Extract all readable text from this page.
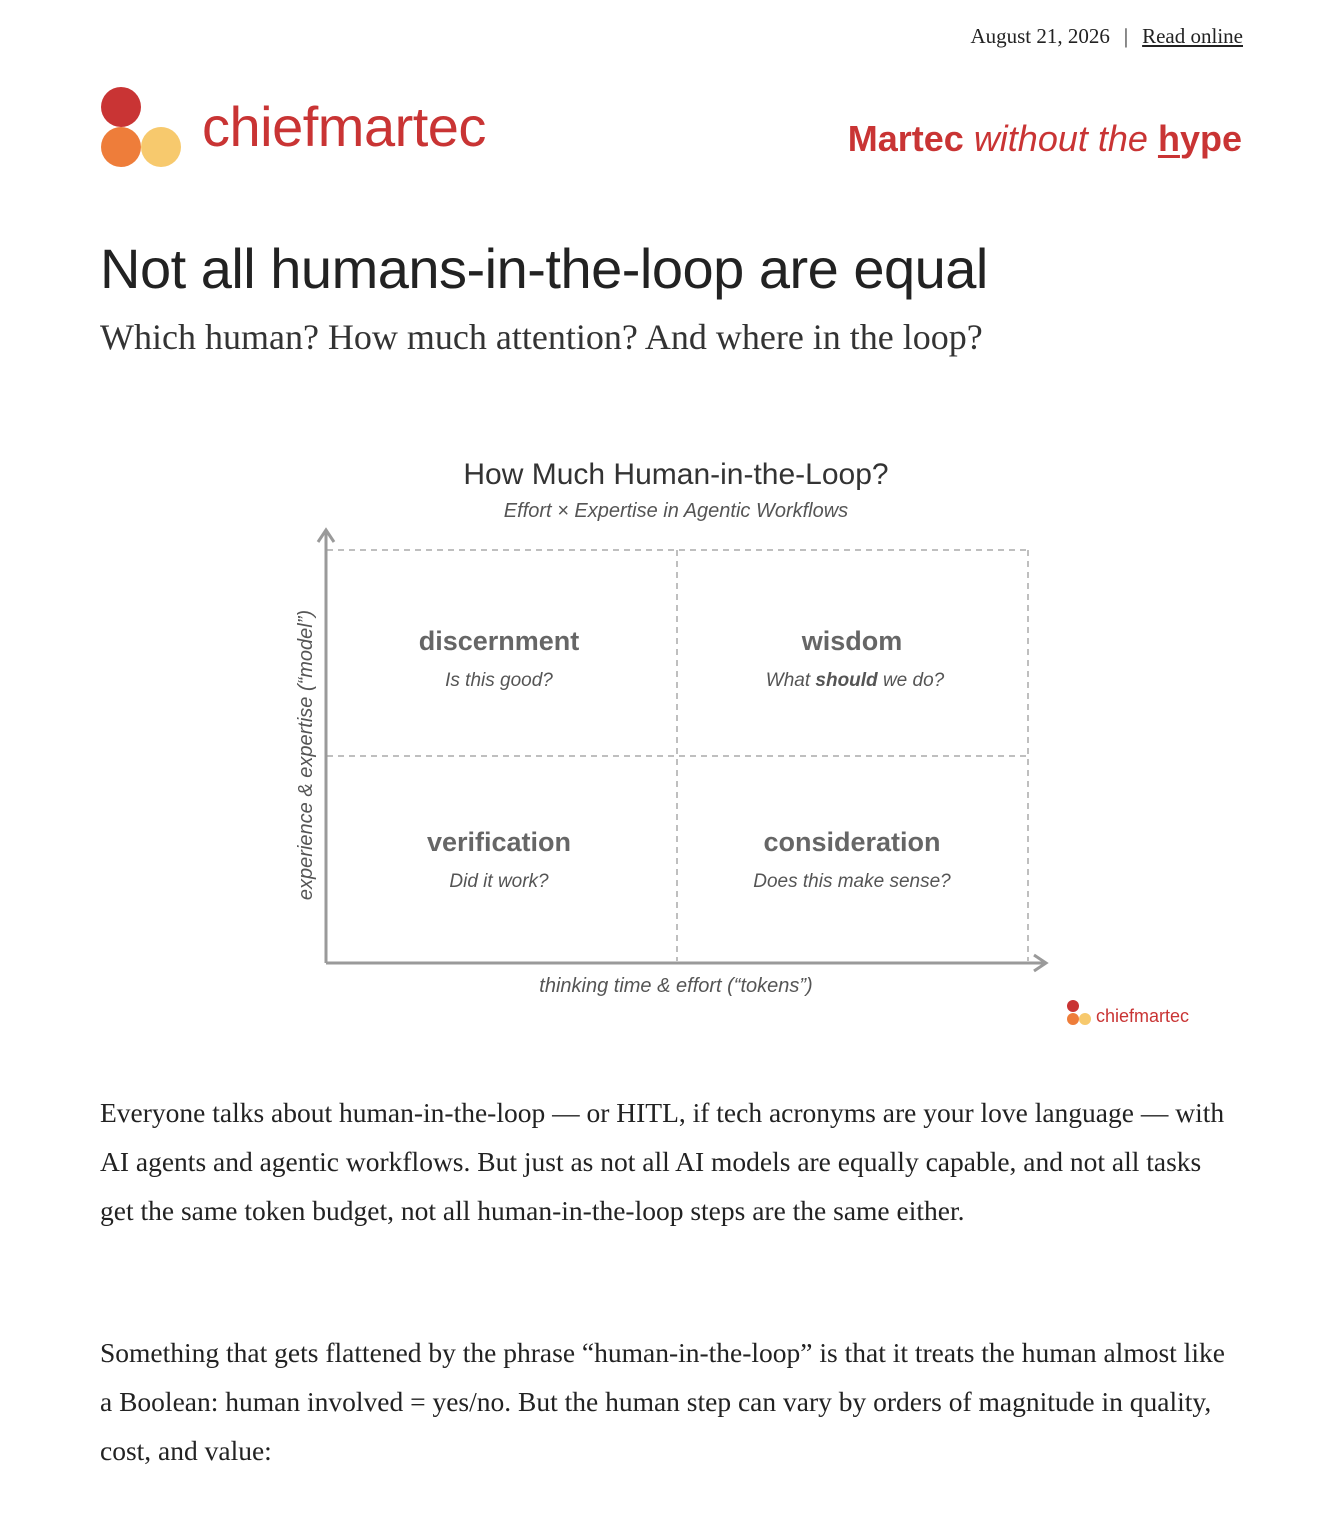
August 21, 2026 | Read online
chiefmartec	Martec without the hype
Not all humans-in-the-loop are equal

Which human? How much attention? And where in the loop?

How Much Human-in-the-Loop?
Effort × Expertise in Agentic Workflows
experience & expertise (“model”)
thinking time & effort (“tokens”)
discernment
Is this good?
wisdom
What should we do?
verification
Did it work?
consideration
Does this make sense?
chiefmartec

Everyone talks about human-in-the-loop — or HITL, if tech acronyms are your love language — with AI agents and agentic workflows. But just as not all AI models are equally capable, and not all tasks get the same token budget, not all human-in-the-loop steps are the same either.

Something that gets flattened by the phrase “human-in-the-loop” is that it treats the human almost like a Boolean: human involved = yes/no. But the human step can vary by orders of magnitude in quality, cost, and value:
